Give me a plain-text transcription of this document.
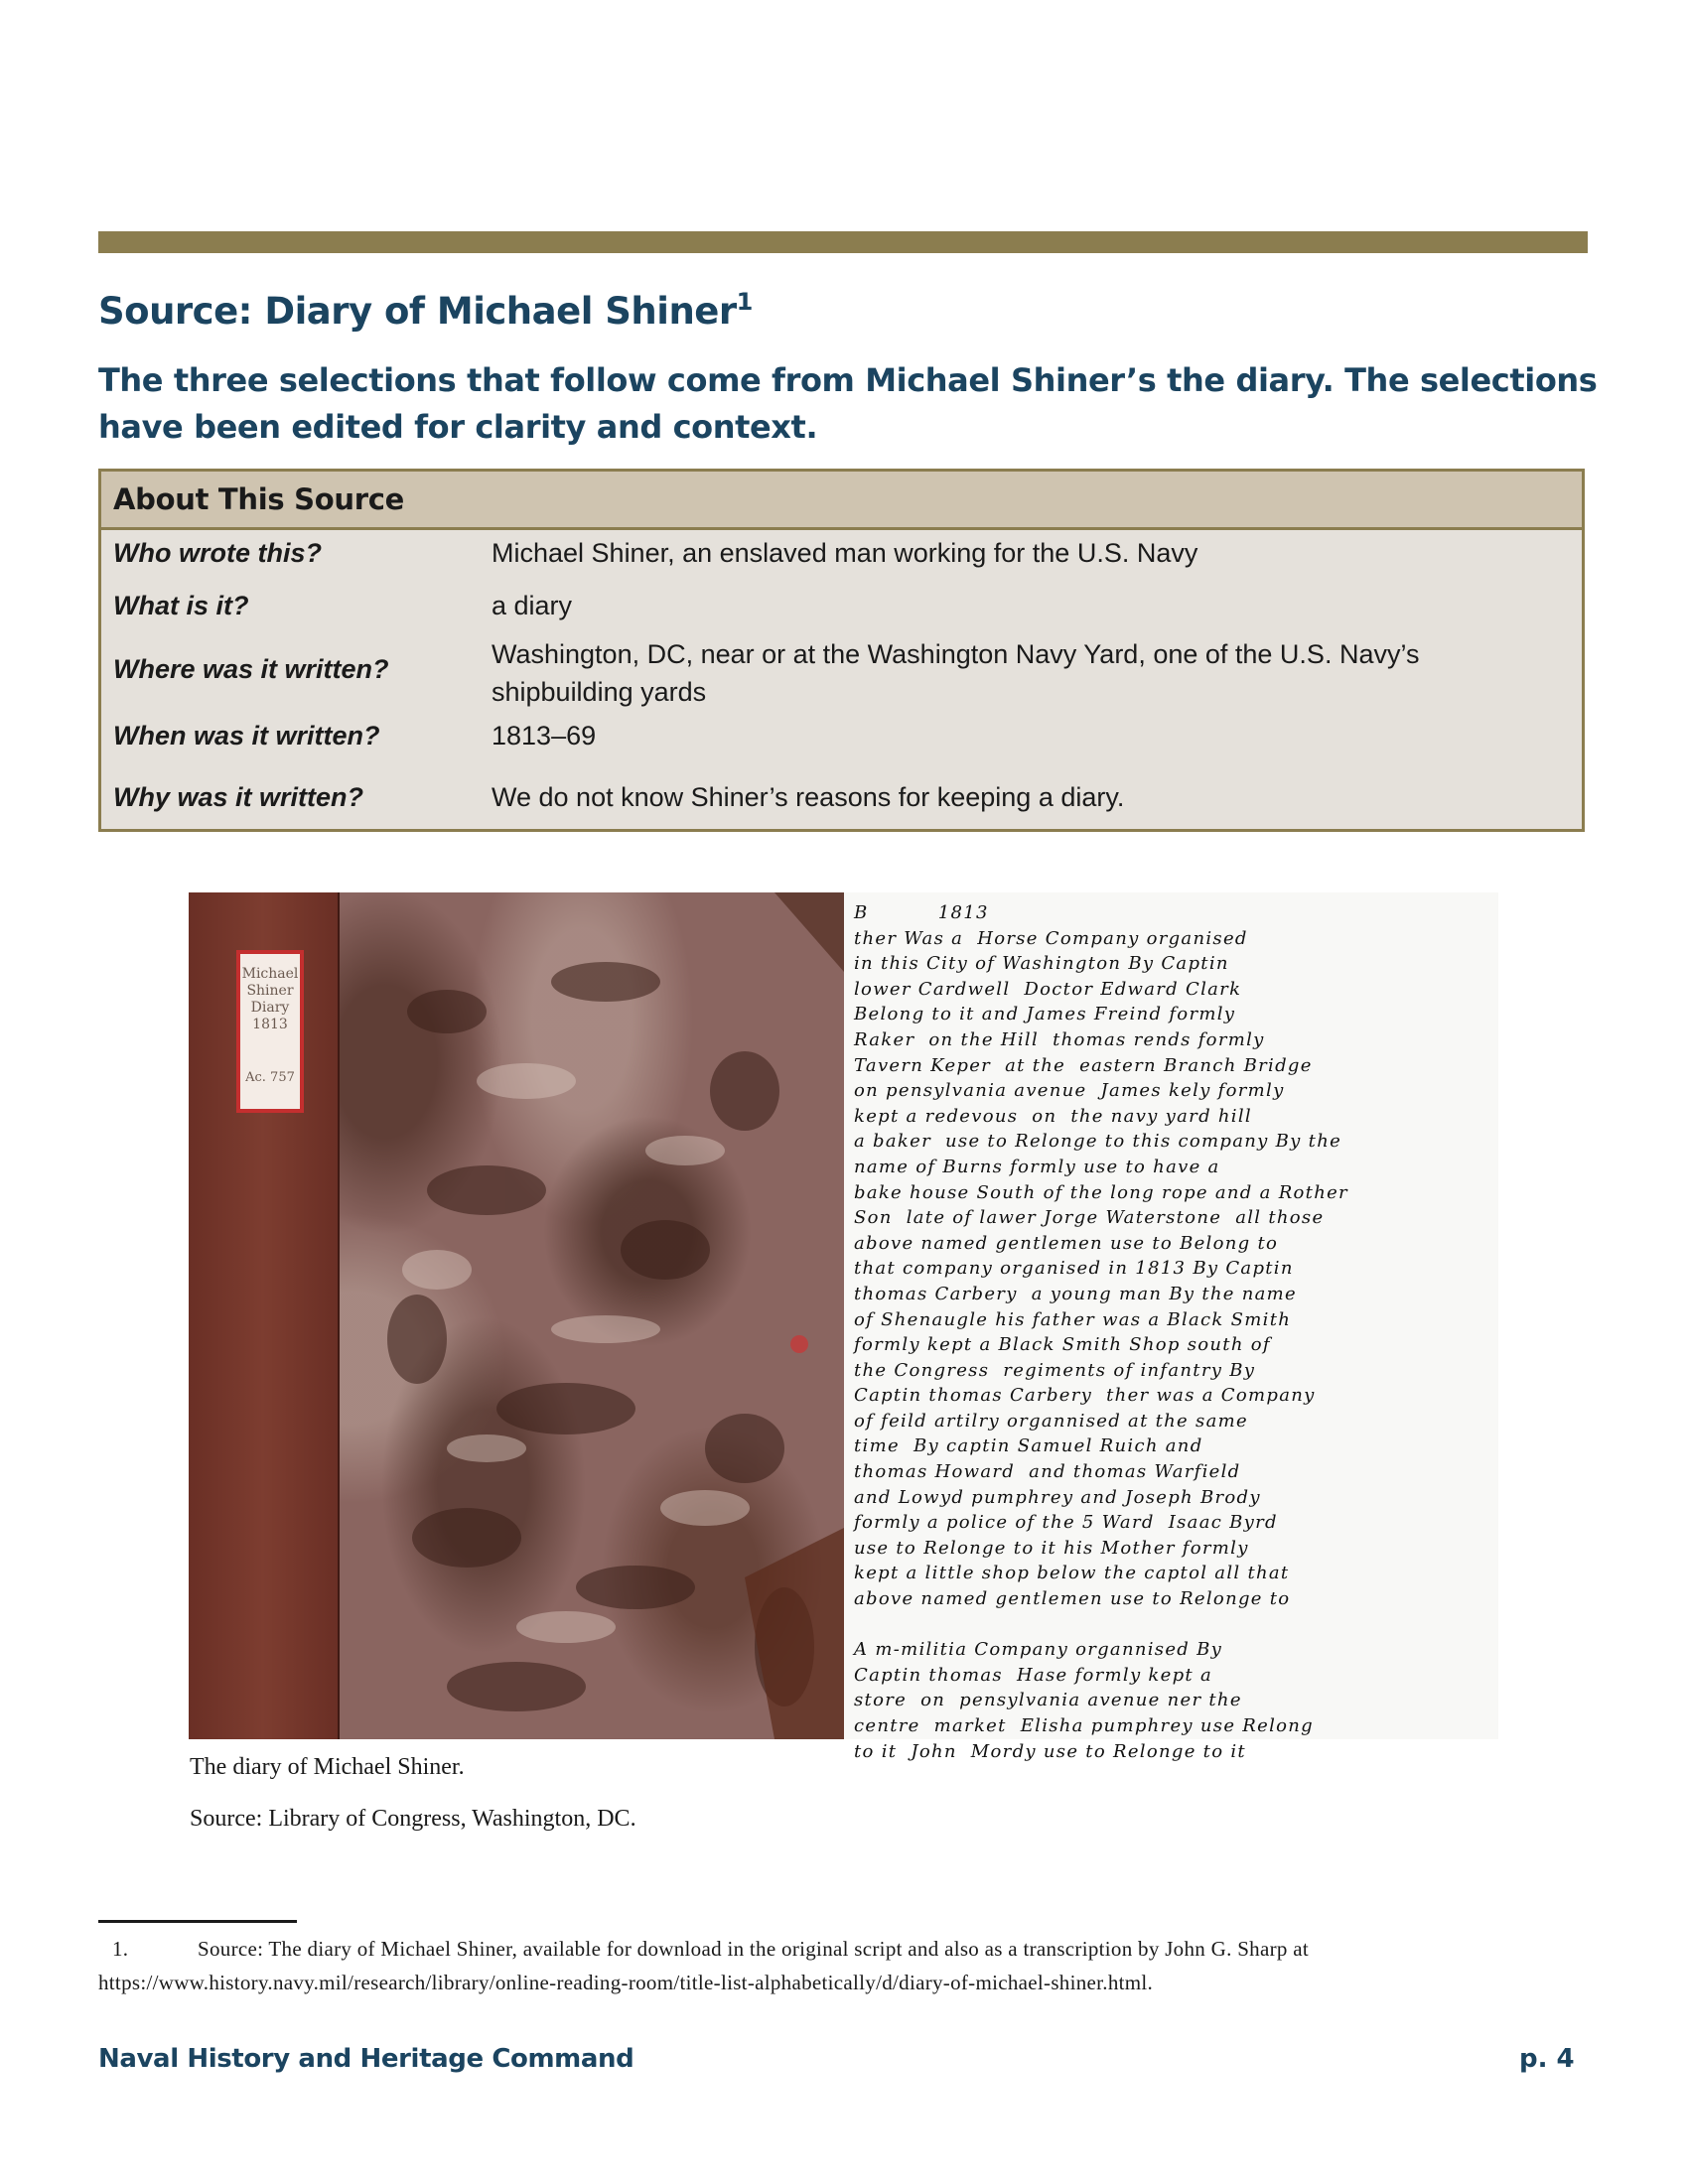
Source: Diary of Michael Shiner$^1$

The three selections that follow come from Michael Shiner’s the diary. The selections have been edited for clarity and context.

About This Source
Who wrote this?	Michael Shiner, an enslaved man working for the U.S. Navy
What is it?	a diary
Where was it written?	Washington, DC, near or at the Washington Navy Yard, one of the U.S. Navy’s shipbuilding yards
When was it written?	1813–69
Why was it written?	We do not know Shiner’s reasons for keeping a diary.
Michael
Shiner
Diary
1813
Ac. 757
B          1813
ther Was a  Horse Company organised
in this City of Washington By Captin
lower Cardwell  Doctor Edward Clark
Belong to it and James Freind formly
Raker  on the Hill  thomas rends formly
Tavern Keper  at the  eastern Branch Bridge
on pensylvania avenue  James kely formly
kept a redevous  on  the navy yard hill
a baker  use to Relonge to this company By the
name of Burns formly use to have a
bake house South of the long rope and a Rother
Son  late of lawer Jorge Waterstone  all those
above named gentlemen use to Belong to
that company organised in 1813 By Captin
thomas Carbery  a young man By the name
of Shenaugle his father was a Black Smith
formly kept a Black Smith Shop south of
the Congress  regiments of infantry By
Captin thomas Carbery  ther was a Company
of feild artilry organnised at the same
time  By captin Samuel Ruich and
thomas Howard  and thomas Warfield
and Lowyd pumphrey and Joseph Brody
formly a police of the 5 Ward  Isaac Byrd
use to Relonge to it his Mother formly
kept a little shop below the captol all that
above named gentlemen use to Relonge to

A m-militia Company organnised By
Captin thomas  Hase formly kept a
store  on  pensylvania avenue ner the
centre  market  Elisha pumphrey use Relong
to it  John  Mordy use to Relonge to it

The diary of Michael Shiner.

Source: Library of Congress, Washington, DC.

1.	Source: The diary of Michael Shiner, available for download in the original script and also as a transcription by John G. Sharp at https://www.history.navy.mil/research/library/online-reading-room/title-list-alphabetically/d/diary-of-michael-shiner.html.

Naval History and Heritage Command	p. 4
